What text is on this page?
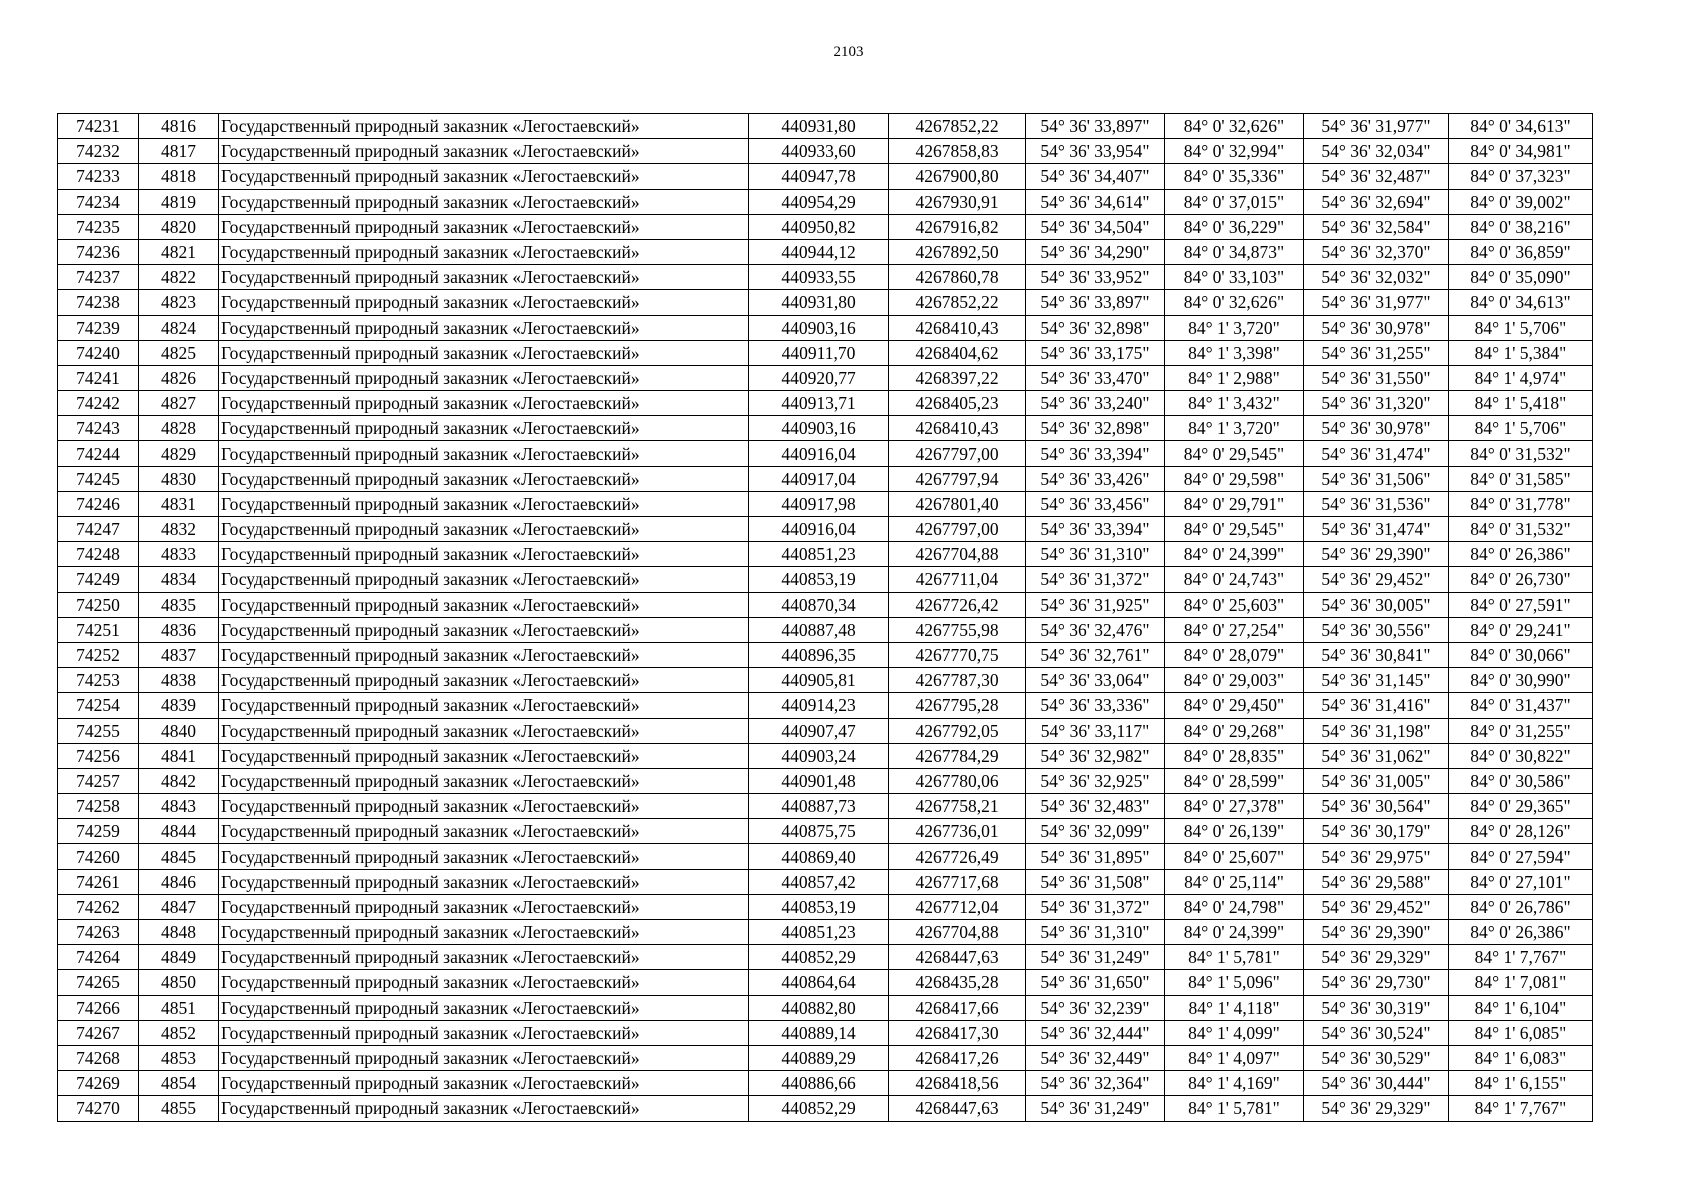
2103
74231	4816	Государственный природный заказник «Легостаевский»	440931,80	4267852,22	54° 36' 33,897"	84° 0' 32,626"	54° 36' 31,977"	84° 0' 34,613"
74232	4817	Государственный природный заказник «Легостаевский»	440933,60	4267858,83	54° 36' 33,954"	84° 0' 32,994"	54° 36' 32,034"	84° 0' 34,981"
74233	4818	Государственный природный заказник «Легостаевский»	440947,78	4267900,80	54° 36' 34,407"	84° 0' 35,336"	54° 36' 32,487"	84° 0' 37,323"
74234	4819	Государственный природный заказник «Легостаевский»	440954,29	4267930,91	54° 36' 34,614"	84° 0' 37,015"	54° 36' 32,694"	84° 0' 39,002"
74235	4820	Государственный природный заказник «Легостаевский»	440950,82	4267916,82	54° 36' 34,504"	84° 0' 36,229"	54° 36' 32,584"	84° 0' 38,216"
74236	4821	Государственный природный заказник «Легостаевский»	440944,12	4267892,50	54° 36' 34,290"	84° 0' 34,873"	54° 36' 32,370"	84° 0' 36,859"
74237	4822	Государственный природный заказник «Легостаевский»	440933,55	4267860,78	54° 36' 33,952"	84° 0' 33,103"	54° 36' 32,032"	84° 0' 35,090"
74238	4823	Государственный природный заказник «Легостаевский»	440931,80	4267852,22	54° 36' 33,897"	84° 0' 32,626"	54° 36' 31,977"	84° 0' 34,613"
74239	4824	Государственный природный заказник «Легостаевский»	440903,16	4268410,43	54° 36' 32,898"	84° 1' 3,720"	54° 36' 30,978"	84° 1' 5,706"
74240	4825	Государственный природный заказник «Легостаевский»	440911,70	4268404,62	54° 36' 33,175"	84° 1' 3,398"	54° 36' 31,255"	84° 1' 5,384"
74241	4826	Государственный природный заказник «Легостаевский»	440920,77	4268397,22	54° 36' 33,470"	84° 1' 2,988"	54° 36' 31,550"	84° 1' 4,974"
74242	4827	Государственный природный заказник «Легостаевский»	440913,71	4268405,23	54° 36' 33,240"	84° 1' 3,432"	54° 36' 31,320"	84° 1' 5,418"
74243	4828	Государственный природный заказник «Легостаевский»	440903,16	4268410,43	54° 36' 32,898"	84° 1' 3,720"	54° 36' 30,978"	84° 1' 5,706"
74244	4829	Государственный природный заказник «Легостаевский»	440916,04	4267797,00	54° 36' 33,394"	84° 0' 29,545"	54° 36' 31,474"	84° 0' 31,532"
74245	4830	Государственный природный заказник «Легостаевский»	440917,04	4267797,94	54° 36' 33,426"	84° 0' 29,598"	54° 36' 31,506"	84° 0' 31,585"
74246	4831	Государственный природный заказник «Легостаевский»	440917,98	4267801,40	54° 36' 33,456"	84° 0' 29,791"	54° 36' 31,536"	84° 0' 31,778"
74247	4832	Государственный природный заказник «Легостаевский»	440916,04	4267797,00	54° 36' 33,394"	84° 0' 29,545"	54° 36' 31,474"	84° 0' 31,532"
74248	4833	Государственный природный заказник «Легостаевский»	440851,23	4267704,88	54° 36' 31,310"	84° 0' 24,399"	54° 36' 29,390"	84° 0' 26,386"
74249	4834	Государственный природный заказник «Легостаевский»	440853,19	4267711,04	54° 36' 31,372"	84° 0' 24,743"	54° 36' 29,452"	84° 0' 26,730"
74250	4835	Государственный природный заказник «Легостаевский»	440870,34	4267726,42	54° 36' 31,925"	84° 0' 25,603"	54° 36' 30,005"	84° 0' 27,591"
74251	4836	Государственный природный заказник «Легостаевский»	440887,48	4267755,98	54° 36' 32,476"	84° 0' 27,254"	54° 36' 30,556"	84° 0' 29,241"
74252	4837	Государственный природный заказник «Легостаевский»	440896,35	4267770,75	54° 36' 32,761"	84° 0' 28,079"	54° 36' 30,841"	84° 0' 30,066"
74253	4838	Государственный природный заказник «Легостаевский»	440905,81	4267787,30	54° 36' 33,064"	84° 0' 29,003"	54° 36' 31,145"	84° 0' 30,990"
74254	4839	Государственный природный заказник «Легостаевский»	440914,23	4267795,28	54° 36' 33,336"	84° 0' 29,450"	54° 36' 31,416"	84° 0' 31,437"
74255	4840	Государственный природный заказник «Легостаевский»	440907,47	4267792,05	54° 36' 33,117"	84° 0' 29,268"	54° 36' 31,198"	84° 0' 31,255"
74256	4841	Государственный природный заказник «Легостаевский»	440903,24	4267784,29	54° 36' 32,982"	84° 0' 28,835"	54° 36' 31,062"	84° 0' 30,822"
74257	4842	Государственный природный заказник «Легостаевский»	440901,48	4267780,06	54° 36' 32,925"	84° 0' 28,599"	54° 36' 31,005"	84° 0' 30,586"
74258	4843	Государственный природный заказник «Легостаевский»	440887,73	4267758,21	54° 36' 32,483"	84° 0' 27,378"	54° 36' 30,564"	84° 0' 29,365"
74259	4844	Государственный природный заказник «Легостаевский»	440875,75	4267736,01	54° 36' 32,099"	84° 0' 26,139"	54° 36' 30,179"	84° 0' 28,126"
74260	4845	Государственный природный заказник «Легостаевский»	440869,40	4267726,49	54° 36' 31,895"	84° 0' 25,607"	54° 36' 29,975"	84° 0' 27,594"
74261	4846	Государственный природный заказник «Легостаевский»	440857,42	4267717,68	54° 36' 31,508"	84° 0' 25,114"	54° 36' 29,588"	84° 0' 27,101"
74262	4847	Государственный природный заказник «Легостаевский»	440853,19	4267712,04	54° 36' 31,372"	84° 0' 24,798"	54° 36' 29,452"	84° 0' 26,786"
74263	4848	Государственный природный заказник «Легостаевский»	440851,23	4267704,88	54° 36' 31,310"	84° 0' 24,399"	54° 36' 29,390"	84° 0' 26,386"
74264	4849	Государственный природный заказник «Легостаевский»	440852,29	4268447,63	54° 36' 31,249"	84° 1' 5,781"	54° 36' 29,329"	84° 1' 7,767"
74265	4850	Государственный природный заказник «Легостаевский»	440864,64	4268435,28	54° 36' 31,650"	84° 1' 5,096"	54° 36' 29,730"	84° 1' 7,081"
74266	4851	Государственный природный заказник «Легостаевский»	440882,80	4268417,66	54° 36' 32,239"	84° 1' 4,118"	54° 36' 30,319"	84° 1' 6,104"
74267	4852	Государственный природный заказник «Легостаевский»	440889,14	4268417,30	54° 36' 32,444"	84° 1' 4,099"	54° 36' 30,524"	84° 1' 6,085"
74268	4853	Государственный природный заказник «Легостаевский»	440889,29	4268417,26	54° 36' 32,449"	84° 1' 4,097"	54° 36' 30,529"	84° 1' 6,083"
74269	4854	Государственный природный заказник «Легостаевский»	440886,66	4268418,56	54° 36' 32,364"	84° 1' 4,169"	54° 36' 30,444"	84° 1' 6,155"
74270	4855	Государственный природный заказник «Легостаевский»	440852,29	4268447,63	54° 36' 31,249"	84° 1' 5,781"	54° 36' 29,329"	84° 1' 7,767"
